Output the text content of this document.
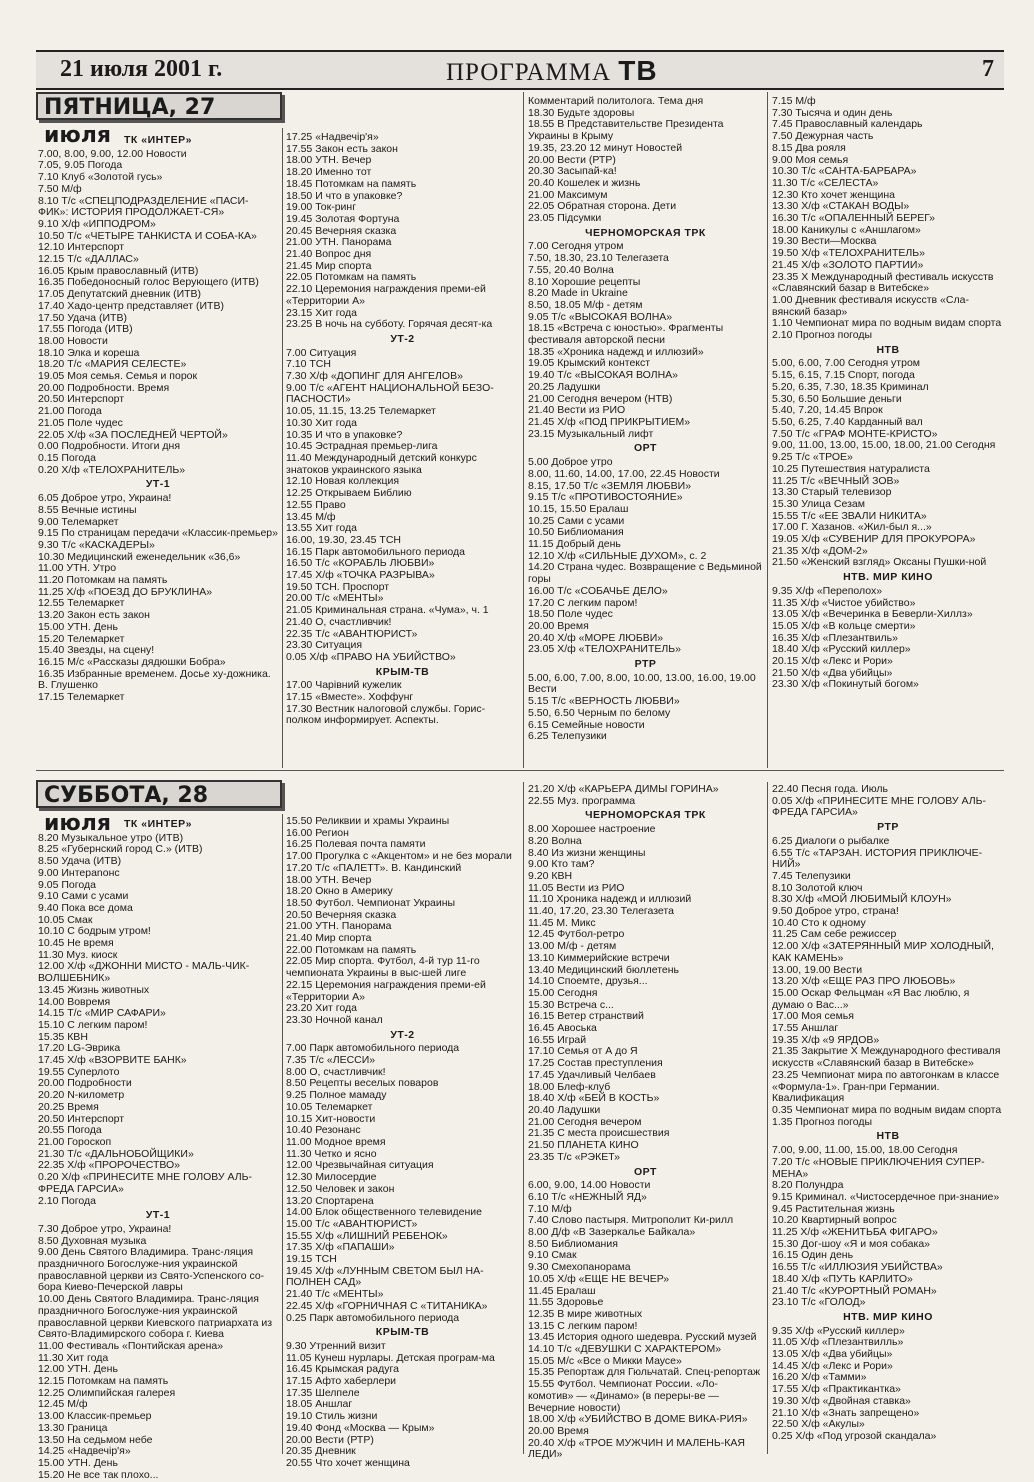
21 июля 2001 г.	ПРОГРАММА ТВ	7
ПЯТНИЦА, 27 июля
СУББОТА, 28 июля
ТК «ИНТЕР»
7.00, 8.00, 9.00, 12.00 Новости
7.05, 9.05 Погода
7.10 Клуб «Золотой гусь»
7.50 М/ф
8.10 Т/с «СПЕЦПОДРАЗДЕЛЕНИЕ «ПАСИ-ФИК»: ИСТОРИЯ ПРОДОЛЖАЕТ-СЯ»
9.10 Х/ф «ИППОДРОМ»
10.50 Т/с «ЧЕТЫРЕ ТАНКИСТА И СОБА-КА»
12.10 Интерспорт
12.15 Т/с «ДАЛЛАС»
16.05 Крым православный (ИТВ)
16.35 Победоносный голос Верующего (ИТВ)
17.05 Депутатский дневник (ИТВ)
17.40 Хадо-центр представляет (ИТВ)
17.50 Удача (ИТВ)
17.55 Погода (ИТВ)
18.00 Новости
18.10 Элка и кореша
18.20 Т/с «МАРИЯ СЕЛЕСТЕ»
19.05 Моя семья. Семья и порок
20.00 Подробности. Время
20.50 Интерспорт
21.00 Погода
21.05 Поле чудес
22.05 Х/ф «ЗА ПОСЛЕДНЕЙ ЧЕРТОЙ»
0.00 Подробности. Итоги дня
0.15 Погода
0.20 Х/ф «ТЕЛОХРАНИТЕЛЬ»
УТ-1
6.05 Доброе утро, Украина!
8.55 Вечные истины
9.00 Телемаркет
9.15 По страницам передачи «Классик-премьер»
9.30 Т/с «КАСКАДЕРЫ»
10.30 Медицинский еженедельник «36,6»
11.00 УТН. Утро
11.20 Потомкам на память
11.25 Х/ф «ПОЕЗД ДО БРУКЛИНА»
12.55 Телемаркет
13.20 Закон есть закон
15.00 УТН. День
15.20 Телемаркет
15.40 Звезды, на сцену!
16.15 М/с «Рассказы дядюшки Бобра»
16.35 Избранные временем. Досье ху-дожника. В. Глушенко
17.15 Телемаркет
17.25 «Надвечір'я»
17.55 Закон есть закон
18.00 УТН. Вечер
18.20 Именно тот
18.45 Потомкам на память
18.50 И что в упаковке?
19.00 Ток-ринг
19.45 Золотая Фортуна
20.45 Вечерняя сказка
21.00 УТН. Панорама
21.40 Вопрос дня
21.45 Мир спорта
22.05 Потомкам на память
22.10 Церемония награждения преми-ей «Территории А»
23.15 Хит года
23.25 В ночь на субботу. Горячая десят-ка
УТ-2
7.00 Ситуация
7.10 ТСН
7.30 Х/ф «ДОПИНГ ДЛЯ АНГЕЛОВ»
9.00 Т/с «АГЕНТ НАЦИОНАЛЬНОЙ БЕЗО-ПАСНОСТИ»
10.05, 11.15, 13.25 Телемаркет
10.30 Хит года
10.35 И что в упаковке?
10.45 Эстрадная премьер-лига
11.40 Международный детский конкурс знатоков украинского языка
12.10 Новая коллекция
12.25 Открываем Библию
12.55 Право
13.45 М/ф
13.55 Хит года
16.00, 19.30, 23.45 ТСН
16.15 Парк автомобильного периода
16.50 Т/с «КОРАБЛЬ ЛЮБВИ»
17.45 Х/ф «ТОЧКА РАЗРЫВА»
19.50 ТСН. Проспорт
20.00 Т/с «МЕНТЫ»
21.05 Криминальная страна. «Чума», ч. 1
21.40 О, счастливчик!
22.35 Т/с «АВАНТЮРИСТ»
23.30 Ситуация
0.05 Х/ф «ПРАВО НА УБИЙСТВО»
КРЫМ-ТВ
17.00 Чарівний кужелик
17.15 «Вместе». Хоффунг
17.30 Вестник налоговой службы. Горис-полком информирует. Аспекты.
Комментарий политолога. Тема дня
18.30 Будьте здоровы
18.55 В Представительстве Президента Украины в Крыму
19.35, 23.20 12 минут Новостей
20.00 Вести (РТР)
20.30 Засыпай-ка!
20.40 Кошелек и жизнь
21.00 Максимум
22.05 Обратная сторона. Дети
23.05 Підсумки
ЧЕРНОМОРСКАЯ ТРК
7.00 Сегодня утром
7.50, 18.30, 23.10 Телегазета
7.55, 20.40 Волна
8.10 Хорошие рецепты
8.20 Made in Ukraine
8.50, 18.05 М/ф - детям
9.05 Т/с «ВЫСОКАЯ ВОЛНА»
18.15 «Встреча с юностью». Фрагменты фестиваля авторской песни
18.35 «Хроника надежд и иллюзий»
19.05 Крымский контекст
19.40 Т/с «ВЫСОКАЯ ВОЛНА»
20.25 Ладушки
21.00 Сегодня вечером (НТВ)
21.40 Вести из РИО
21.45 Х/ф «ПОД ПРИКРЫТИЕМ»
23.15 Музыкальный лифт
ОРТ
5.00 Доброе утро
8.00, 11.60, 14.00, 17.00, 22.45 Новости
8.15, 17.50 Т/с «ЗЕМЛЯ ЛЮБВИ»
9.15 Т/с «ПРОТИВОСТОЯНИЕ»
10.15, 15.50 Ералаш
10.25 Сами с усами
10.50 Библиомания
11.15 Добрый день
12.10 Х/ф «СИЛЬНЫЕ ДУХОМ», с. 2
14.20 Страна чудес. Возвращение с Ведьминой горы
16.00 Т/с «СОБАЧЬЕ ДЕЛО»
17.20 С легким паром!
18.50 Поле чудес
20.00 Время
20.40 Х/ф «МОРЕ ЛЮБВИ»
23.05 Х/ф «ТЕЛОХРАНИТЕЛЬ»
РТР
5.00, 6.00, 7.00, 8.00, 10.00, 13.00, 16.00, 19.00 Вести
5.15 Т/с «ВЕРНОСТЬ ЛЮБВИ»
5.50, 6.50 Черным по белому
6.15 Семейные новости
6.25 Телепузики
7.15 М/ф
7.30 Тысяча и один день
7.45 Православный календарь
7.50 Дежурная часть
8.15 Два рояля
9.00 Моя семья
10.30 Т/с «САНТА-БАРБАРА»
11.30 Т/с «СЕЛЕСТА»
12.30 Кто хочет женщина
13.30 Х/ф «СТАКАН ВОДЫ»
16.30 Т/с «ОПАЛЕННЫЙ БЕРЕГ»
18.00 Каникулы с «Аншлагом»
19.30 Вести—Москва
19.50 Х/ф «ТЕЛОХРАНИТЕЛЬ»
21.45 Х/ф «ЗОЛОТО ПАРТИИ»
23.35 X Международный фестиваль искусств «Славянский базар в Витебске»
1.00 Дневник фестиваля искусств «Сла-вянский базар»
1.10 Чемпионат мира по водным видам спорта
2.10 Прогноз погоды
НТВ
5.00, 6.00, 7.00 Сегодня утром
5.15, 6.15, 7.15 Спорт, погода
5.20, 6.35, 7.30, 18.35 Криминал
5.30, 6.50 Большие деньги
5.40, 7.20, 14.45 Впрок
5.50, 6.25, 7.40 Карданный вал
7.50 Т/с «ГРАФ МОНТЕ-КРИСТО»
9.00, 11.00, 13.00, 15.00, 18.00, 21.00 Сегодня
9.25 Т/с «ТРОЕ»
10.25 Путешествия натуралиста
11.25 Т/с «ВЕЧНЫЙ ЗОВ»
13.30 Старый телевизор
15.30 Улица Сезам
15.55 Т/с «ЕЕ ЗВАЛИ НИКИТА»
17.00 Г. Хазанов. «Жил-был я...»
19.05 Х/ф «СУВЕНИР ДЛЯ ПРОКУРОРА»
21.35 Х/ф «ДОМ-2»
21.50 «Женский взгляд» Оксаны Пушки-ной
НТВ. МИР КИНО
9.35 Х/ф «Переполох»
11.35 Х/ф «Чистое убийство»
13.05 Х/ф «Вечеринка в Беверли-Хиллз»
15.05 Х/ф «В кольце смерти»
16.35 Х/ф «Плезантвиль»
18.40 Х/ф «Русский киллер»
20.15 Х/ф «Лекс и Рори»
21.50 Х/ф «Два убийцы»
23.30 Х/ф «Покинутый богом»
ТК «ИНТЕР»
8.20 Музыкальное утро (ИТВ)
8.25 «Губернский город С.» (ИТВ)
8.50 Удача (ИТВ)
9.00 Интерanонс
9.05 Погода
9.10 Сами с усами
9.40 Пока все дома
10.05 Смак
10.10 С бодрым утром!
10.45 Не время
11.30 Муз. киоск
12.00 Х/ф «ДЖОННИ МИСТО - МАЛЬ-ЧИК-ВОЛШЕБНИК»
13.45 Жизнь животных
14.00 Вовремя
14.15 Т/с «МИР САФАРИ»
15.10 С легким паром!
15.35 КВН
17.20 LG-Эврика
17.45 Х/ф «ВЗОРВИТЕ БАНК»
19.55 Суперлото
20.00 Подробности
20.20 N-километр
20.25 Время
20.50 Интерспорт
20.55 Погода
21.00 Гороскоп
21.30 Т/с «ДАЛЬНОБОЙЩИКИ»
22.35 Х/ф «ПРОРОЧЕСТВО»
0.20 Х/ф «ПРИНЕСИТЕ МНЕ ГОЛОВУ АЛЬ-ФРЕДА ГАРСИА»
2.10 Погода
УТ-1
7.30 Доброе утро, Украина!
8.50 Духовная музыка
9.00 День Святого Владимира. Транс-ляция праздничного Богослуже-ния украинской православной церкви из Свято-Успенского со-бора Киево-Печерской лавры
10.00 День Святого Владимира. Транс-ляция праздничного Богослуже-ния украинской православной церкви Киевского патриархата из Свято-Владимирского собора г. Киева
11.00 Фестиваль «Понтийская арена»
11.30 Хит года
12.00 УТН. День
12.15 Потомкам на память
12.25 Олимпийская галерея
12.45 М/ф
13.00 Классик-премьер
13.30 Граница
13.50 На седьмом небе
14.25 «Надвечір'я»
15.00 УТН. День
15.20 Не все так плохо...
15.50 Реликвии и храмы Украины
16.00 Регион
16.25 Полевая почта памяти
17.00 Прогулка с «Акцентом» и не без морали
17.20 Т/с «ПАЛЕТТ». В. Кандинский
18.00 УТН. Вечер
18.20 Окно в Америку
18.50 Футбол. Чемпионат Украины
20.50 Вечерняя сказка
21.00 УТН. Панорама
21.40 Мир спорта
22.00 Потомкам на память
22.05 Мир спорта. Футбол, 4-й тур 11-го чемпионата Украины в выс-шей лиге
22.15 Церемония награждения преми-ей «Территории А»
23.20 Хит года
23.30 Ночной канал
УТ-2
7.00 Парк автомобильного периода
7.35 Т/с «ЛЕССИ»
8.00 О, счастливчик!
8.50 Рецепты веселых поваров
9.25 Полное мамаду
10.05 Телемаркет
10.15 Хит-новости
10.40 Резонанс
11.00 Модное время
11.30 Четко и ясно
12.00 Чрезвычайная ситуация
12.30 Милосердие
12.50 Человек и закон
13.20 Спортарена
14.00 Блок общественного телевидение
15.00 Т/с «АВАНТЮРИСТ»
15.55 Х/ф «ЛИШНИЙ РЕБЕНОК»
17.35 Х/ф «ПАПАШИ»
19.15 ТСН
19.45 Х/ф «ЛУННЫМ СВЕТОМ БЫЛ НА-ПОЛНЕН САД»
21.40 Т/с «МЕНТЫ»
22.45 Х/ф «ГОРНИЧНАЯ С «ТИТАНИКА»
0.25 Парк автомобильного периода
КРЫМ-ТВ
9.30 Утренний визит
11.05 Кунеш нурлары. Детская програм-ма
16.45 Крымская радуга
17.15 Афто хаберлери
17.35 Шелпеле
18.05 Аншлаг
19.10 Стиль жизни
19.40 Фонд «Москва — Крым»
20.00 Вести (РТР)
20.35 Дневник
20.55 Что хочет женщина
21.20 Х/ф «КАРЬЕРА ДИМЫ ГОРИНА»
22.55 Муз. программа
ЧЕРНОМОРСКАЯ ТРК
8.00 Хорошее настроение
8.20 Волна
8.40 Из жизни женщины
9.00 Кто там?
9.20 КВН
11.05 Вести из РИО
11.10 Хроника надежд и иллюзий
11.40, 17.20, 23.30 Телегазета
11.45 М. Микс
12.45 Футбол-ретро
13.00 М/ф - детям
13.10 Киммерийские встречи
13.40 Медицинский бюллетень
14.10 Споемте, друзья...
15.00 Сегодня
15.30 Встреча с...
16.15 Ветер странствий
16.45 Авоська
16.55 Играй
17.10 Семья от А до Я
17.25 Состав преступления
17.45 Удачливый Челбаев
18.00 Блеф-клуб
18.40 Х/ф «БЕЙ В КОСТЬ»
20.40 Ладушки
21.00 Сегодня вечером
21.35 С места происшествия
21.50 ПЛАНЕТА КИНО
23.35 Т/с «РЭКЕТ»
ОРТ
6.00, 9.00, 14.00 Новости
6.10 Т/с «НЕЖНЫЙ ЯД»
7.10 М/ф
7.40 Слово пастыря. Митрополит Ки-рилл
8.00 Д/ф «В Зазеркалье Байкала»
8.50 Библиомания
9.10 Смак
9.30 Смехопанорама
10.05 Х/ф «ЕЩЕ НЕ ВЕЧЕР»
11.45 Ералаш
11.55 Здоровье
12.35 В мире животных
13.15 С легким паром!
13.45 История одного шедевра. Русский музей
14.10 Т/с «ДЕВУШКИ С ХАРАКТЕРОМ»
15.05 М/с «Все о Микки Маусе»
15.35 Репортаж для Гюльчатай. Спец-репортаж
15.55 Футбол. Чемпионат России. «Ло-комотив» — «Динамо» (в переры-ве — Вечерние новости)
18.00 Х/ф «УБИЙСТВО В ДОМЕ ВИКА-РИЯ»
20.00 Время
20.40 Х/ф «ТРОЕ МУЖЧИН И МАЛЕНЬ-КАЯ ЛЕДИ»
22.40 Песня года. Июль
0.05 Х/ф «ПРИНЕСИТЕ МНЕ ГОЛОВУ АЛЬ-ФРЕДА ГАРСИА»
РТР
6.25 Диалоги о рыбалке
6.55 Т/с «ТАРЗАН. ИСТОРИЯ ПРИКЛЮЧЕ-НИЙ»
7.45 Телепузики
8.10 Золотой ключ
8.30 Х/ф «МОЙ ЛЮБИМЫЙ КЛОУН»
9.50 Доброе утро, страна!
10.40 Сто к одному
11.25 Сам себе режиссер
12.00 Х/ф «ЗАТЕРЯННЫЙ МИР ХОЛОДНЫЙ, КАК КАМЕНЬ»
13.00, 19.00 Вести
13.20 Х/ф «ЕЩЕ РАЗ ПРО ЛЮБОВЬ»
15.00 Оскар Фельцман «Я Вас люблю, я думаю о Вас...»
17.00 Моя семья
17.55 Аншлаг
19.35 Х/ф «9 ЯРДОВ»
21.35 Закрытие X Международного фестиваля искусств «Славянский базар в Витебске»
23.25 Чемпионат мира по автогонкам в классе «Формула-1». Гран-при Германии. Квалификация
0.35 Чемпионат мира по водным видам спорта
1.35 Прогноз погоды
НТВ
7.00, 9.00, 11.00, 15.00, 18.00 Сегодня
7.20 Т/с «НОВЫЕ ПРИКЛЮЧЕНИЯ СУПЕР-МЕНА»
8.20 Полундра
9.15 Криминал. «Чистосердечное при-знание»
9.45 Растительная жизнь
10.20 Квартирный вопрос
11.25 Х/ф «ЖЕНИТЬБА ФИГАРО»
15.30 Дог-шоу «Я и моя собака»
16.15 Один день
16.55 Т/с «ИЛЛЮЗИЯ УБИЙСТВА»
18.40 Х/ф «ПУТЬ КАРЛИТО»
21.40 Т/с «КУРОРТНЫЙ РОМАН»
23.10 Т/с «ГОЛОД»
НТВ. МИР КИНО
9.35 Х/ф «Русский киллер»
11.05 Х/ф «Плезантвилль»
13.05 Х/ф «Два убийцы»
14.45 Х/ф «Лекс и Рори»
16.20 Х/ф «Тамми»
17.55 Х/ф «Практикантка»
19.30 Х/ф «Двойная ставка»
21.10 Х/ф «Знать запрещено»
22.50 Х/ф «Акулы»
0.25 Х/ф «Под угрозой скандала»
